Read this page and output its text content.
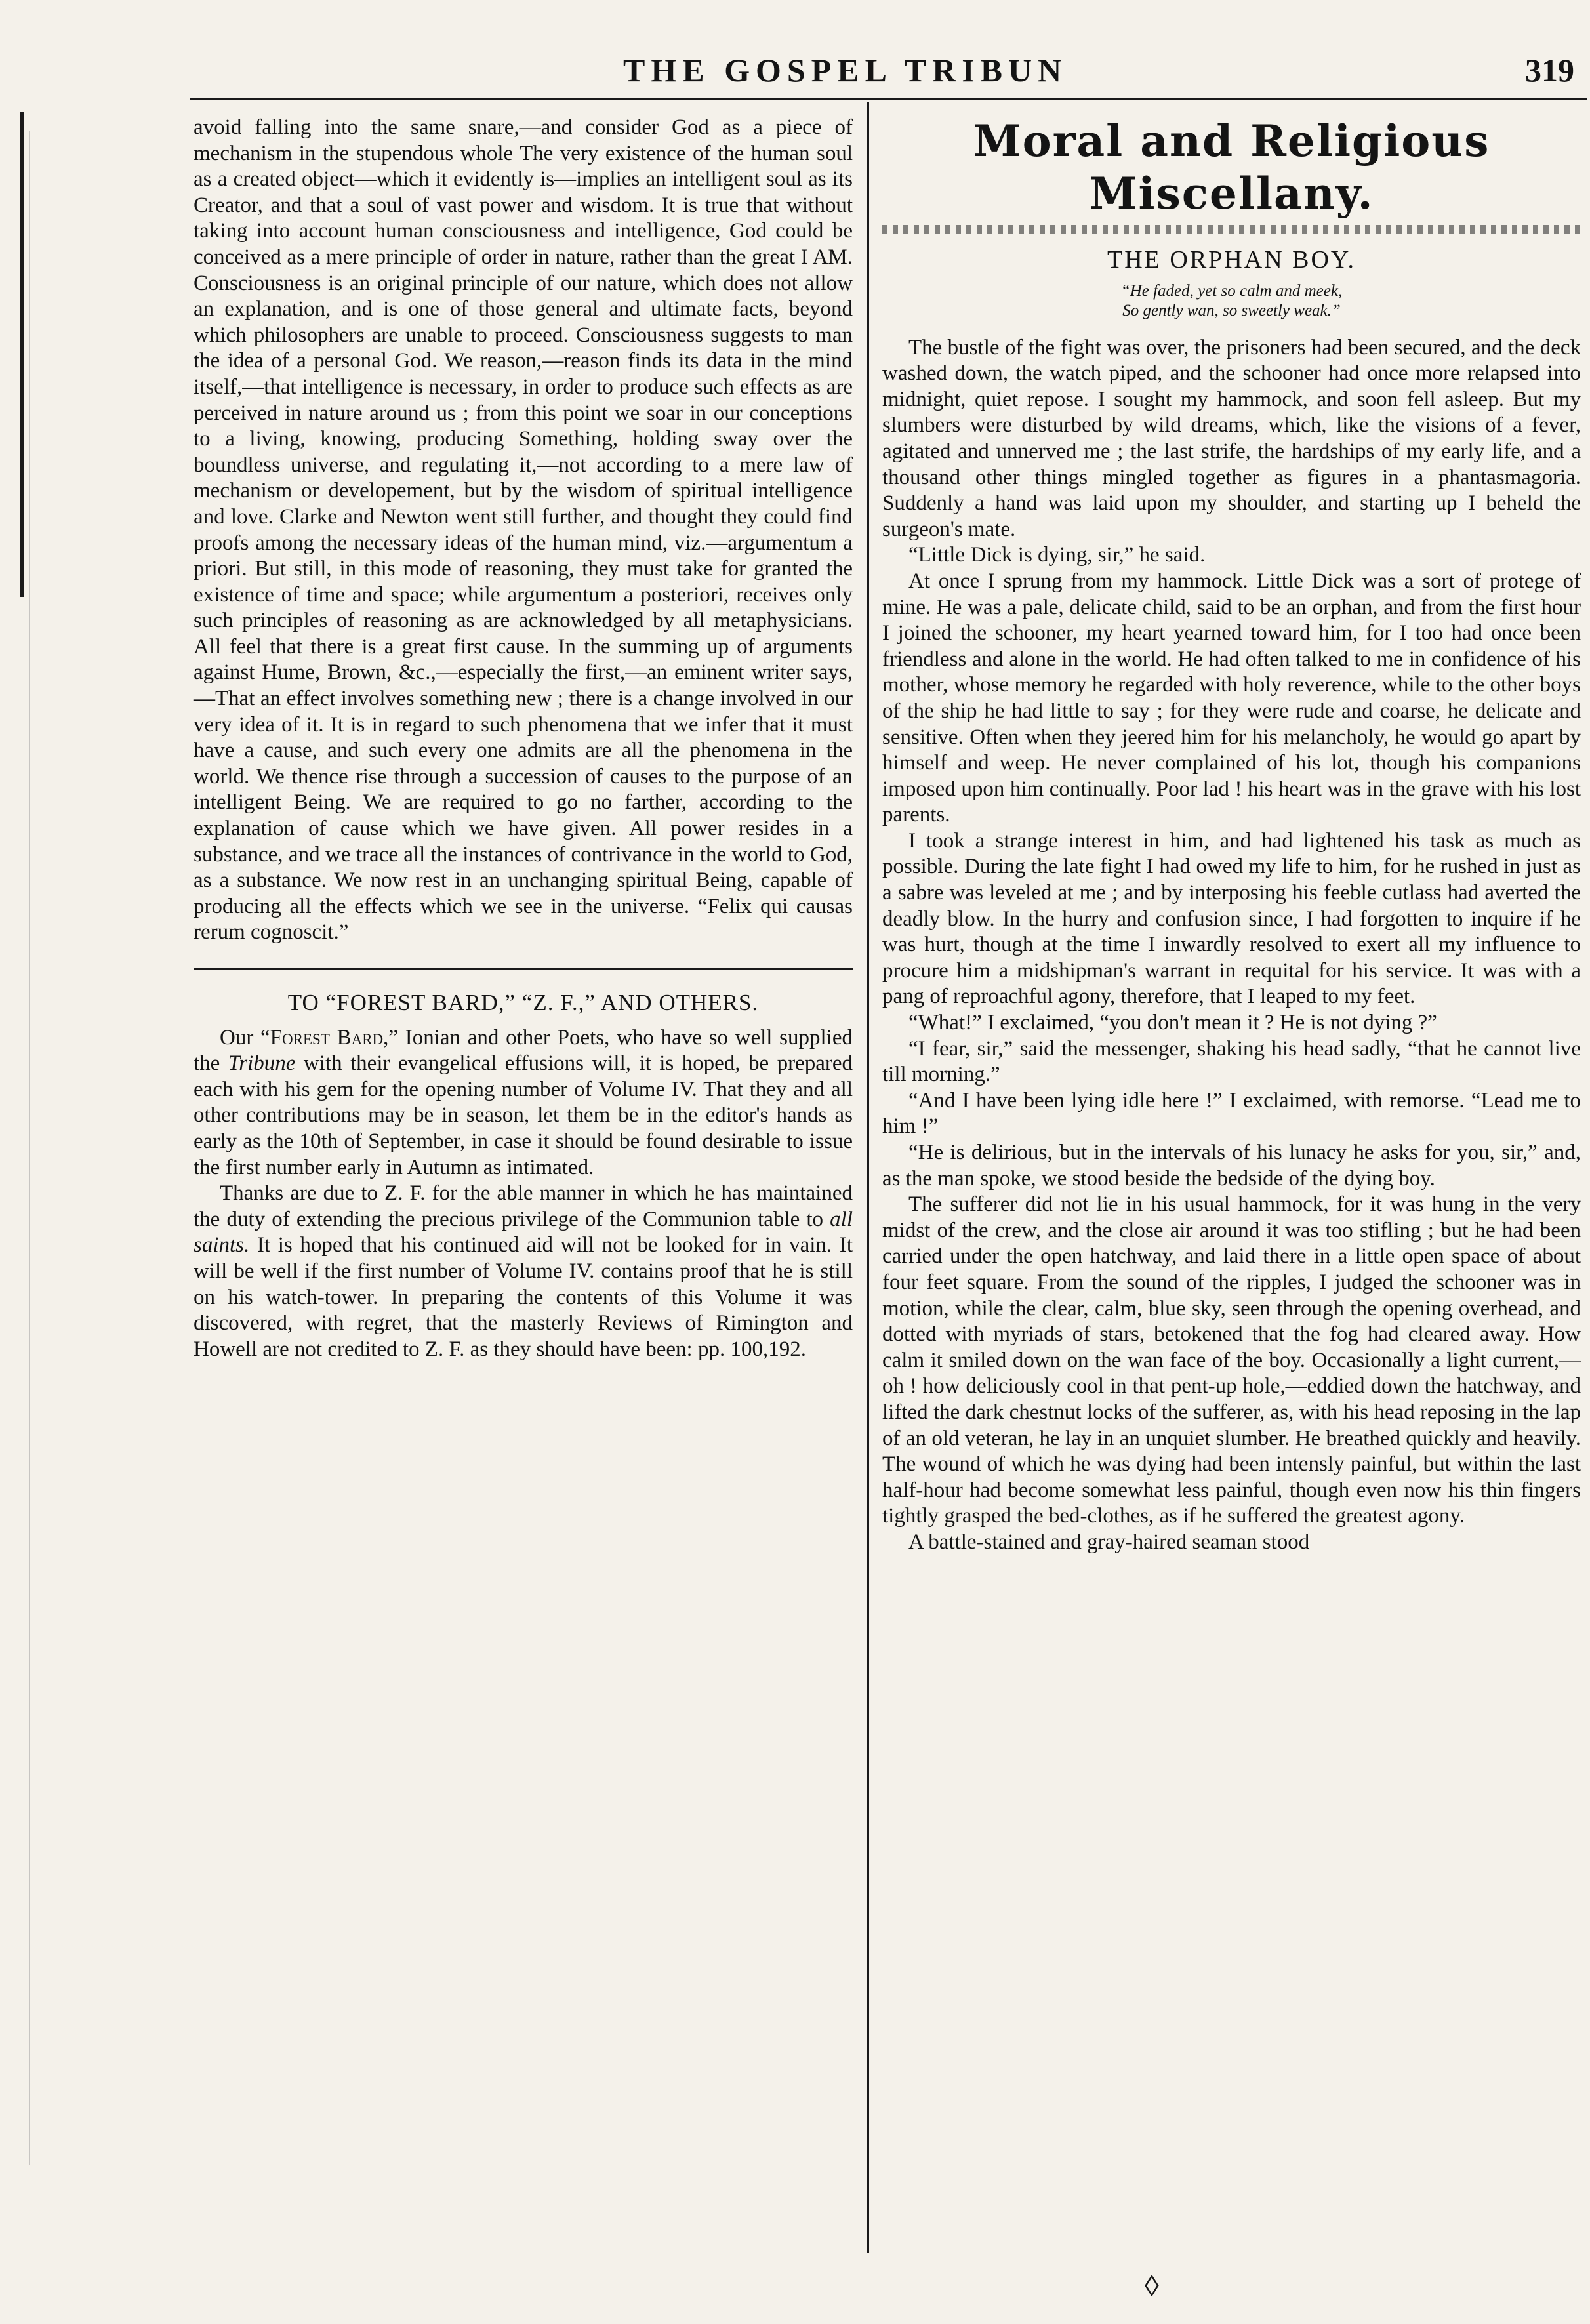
THE GOSPEL TRIBUN	319

avoid falling into the same snare,—and consider God as a piece of mechanism in the stupendous whole The very existence of the human soul as a created object—which it evidently is—implies an intelligent soul as its Creator, and that a soul of vast power and wisdom. It is true that without taking into account human consciousness and intelligence, God could be conceived as a mere principle of order in nature, rather than the great I AM. Consciousness is an original principle of our nature, which does not allow an explanation, and is one of those general and ultimate facts, beyond which philosophers are unable to proceed. Consciousness suggests to man the idea of a personal God. We reason,—reason finds its data in the mind itself,—that intelligence is necessary, in order to produce such effects as are perceived in nature around us ; from this point we soar in our conceptions to a living, knowing, producing Something, holding sway over the boundless universe, and regulating it,—not according to a mere law of mechanism or developement, but by the wisdom of spiritual intelligence and love. Clarke and Newton went still further, and thought they could find proofs among the necessary ideas of the human mind, viz.—argumentum a priori. But still, in this mode of reasoning, they must take for granted the existence of time and space; while argumentum a posteriori, receives only such principles of reasoning as are acknowledged by all metaphysicians. All feel that there is a great first cause. In the summing up of arguments against Hume, Brown, &c.,—especially the first,—an eminent writer says,—That an effect involves something new ; there is a change involved in our very idea of it. It is in regard to such phenomena that we infer that it must have a cause, and such every one admits are all the phenomena in the world. We thence rise through a succession of causes to the purpose of an intelligent Being. We are required to go no farther, according to the explanation of cause which we have given. All power resides in a substance, and we trace all the instances of contrivance in the world to God, as a substance. We now rest in an unchanging spiritual Being, capable of producing all the effects which we see in the universe. “Felix qui causas rerum cognoscit.”

TO “FOREST BARD,” “Z. F.,” AND OTHERS.

Our “Forest Bard,” Ionian and other Poets, who have so well supplied the Tribune with their evangelical effusions will, it is hoped, be prepared each with his gem for the opening number of Volume IV. That they and all other contributions may be in season, let them be in the editor's hands as early as the 10th of September, in case it should be found desirable to issue the first number early in Autumn as intimated.

Thanks are due to Z. F. for the able manner in which he has maintained the duty of extending the precious privilege of the Communion table to all saints. It is hoped that his continued aid will not be looked for in vain. It will be well if the first number of Volume IV. contains proof that he is still on his watch-tower. In preparing the contents of this Volume it was discovered, with regret, that the masterly Reviews of Rimington and Howell are not credited to Z. F. as they should have been: pp. 100,192.

Moral and Religious Miscellany.
THE ORPHAN BOY.
“He faded, yet so calm and meek,
So gently wan, so sweetly weak.”

The bustle of the fight was over, the prisoners had been secured, and the deck washed down, the watch piped, and the schooner had once more relapsed into midnight, quiet repose. I sought my hammock, and soon fell asleep. But my slumbers were disturbed by wild dreams, which, like the visions of a fever, agitated and unnerved me ; the last strife, the hardships of my early life, and a thousand other things mingled together as figures in a phantasmagoria. Suddenly a hand was laid upon my shoulder, and starting up I beheld the surgeon's mate.

“Little Dick is dying, sir,” he said.

At once I sprung from my hammock. Little Dick was a sort of protege of mine. He was a pale, delicate child, said to be an orphan, and from the first hour I joined the schooner, my heart yearned toward him, for I too had once been friendless and alone in the world. He had often talked to me in confidence of his mother, whose memory he regarded with holy reverence, while to the other boys of the ship he had little to say ; for they were rude and coarse, he delicate and sensitive. Often when they jeered him for his melancholy, he would go apart by himself and weep. He never complained of his lot, though his companions imposed upon him continually. Poor lad ! his heart was in the grave with his lost parents.

I took a strange interest in him, and had lightened his task as much as possible. During the late fight I had owed my life to him, for he rushed in just as a sabre was leveled at me ; and by interposing his feeble cutlass had averted the deadly blow. In the hurry and confusion since, I had forgotten to inquire if he was hurt, though at the time I inwardly resolved to exert all my influence to procure him a midshipman's warrant in requital for his service. It was with a pang of reproachful agony, therefore, that I leaped to my feet.

“What!” I exclaimed, “you don't mean it ? He is not dying ?”

“I fear, sir,” said the messenger, shaking his head sadly, “that he cannot live till morning.”

“And I have been lying idle here !” I exclaimed, with remorse. “Lead me to him !”

“He is delirious, but in the intervals of his lunacy he asks for you, sir,” and, as the man spoke, we stood beside the bedside of the dying boy.

The sufferer did not lie in his usual hammock, for it was hung in the very midst of the crew, and the close air around it was too stifling ; but he had been carried under the open hatchway, and laid there in a little open space of about four feet square. From the sound of the ripples, I judged the schooner was in motion, while the clear, calm, blue sky, seen through the opening overhead, and dotted with myriads of stars, betokened that the fog had cleared away. How calm it smiled down on the wan face of the boy. Occasionally a light current,—oh ! how deliciously cool in that pent-up hole,—eddied down the hatchway, and lifted the dark chestnut locks of the sufferer, as, with his head reposing in the lap of an old veteran, he lay in an unquiet slumber. He breathed quickly and heavily. The wound of which he was dying had been intensly painful, but within the last half-hour had become somewhat less painful, though even now his thin fingers tightly grasped the bed-clothes, as if he suffered the greatest agony.

A battle-stained and gray-haired seaman stood

◊
